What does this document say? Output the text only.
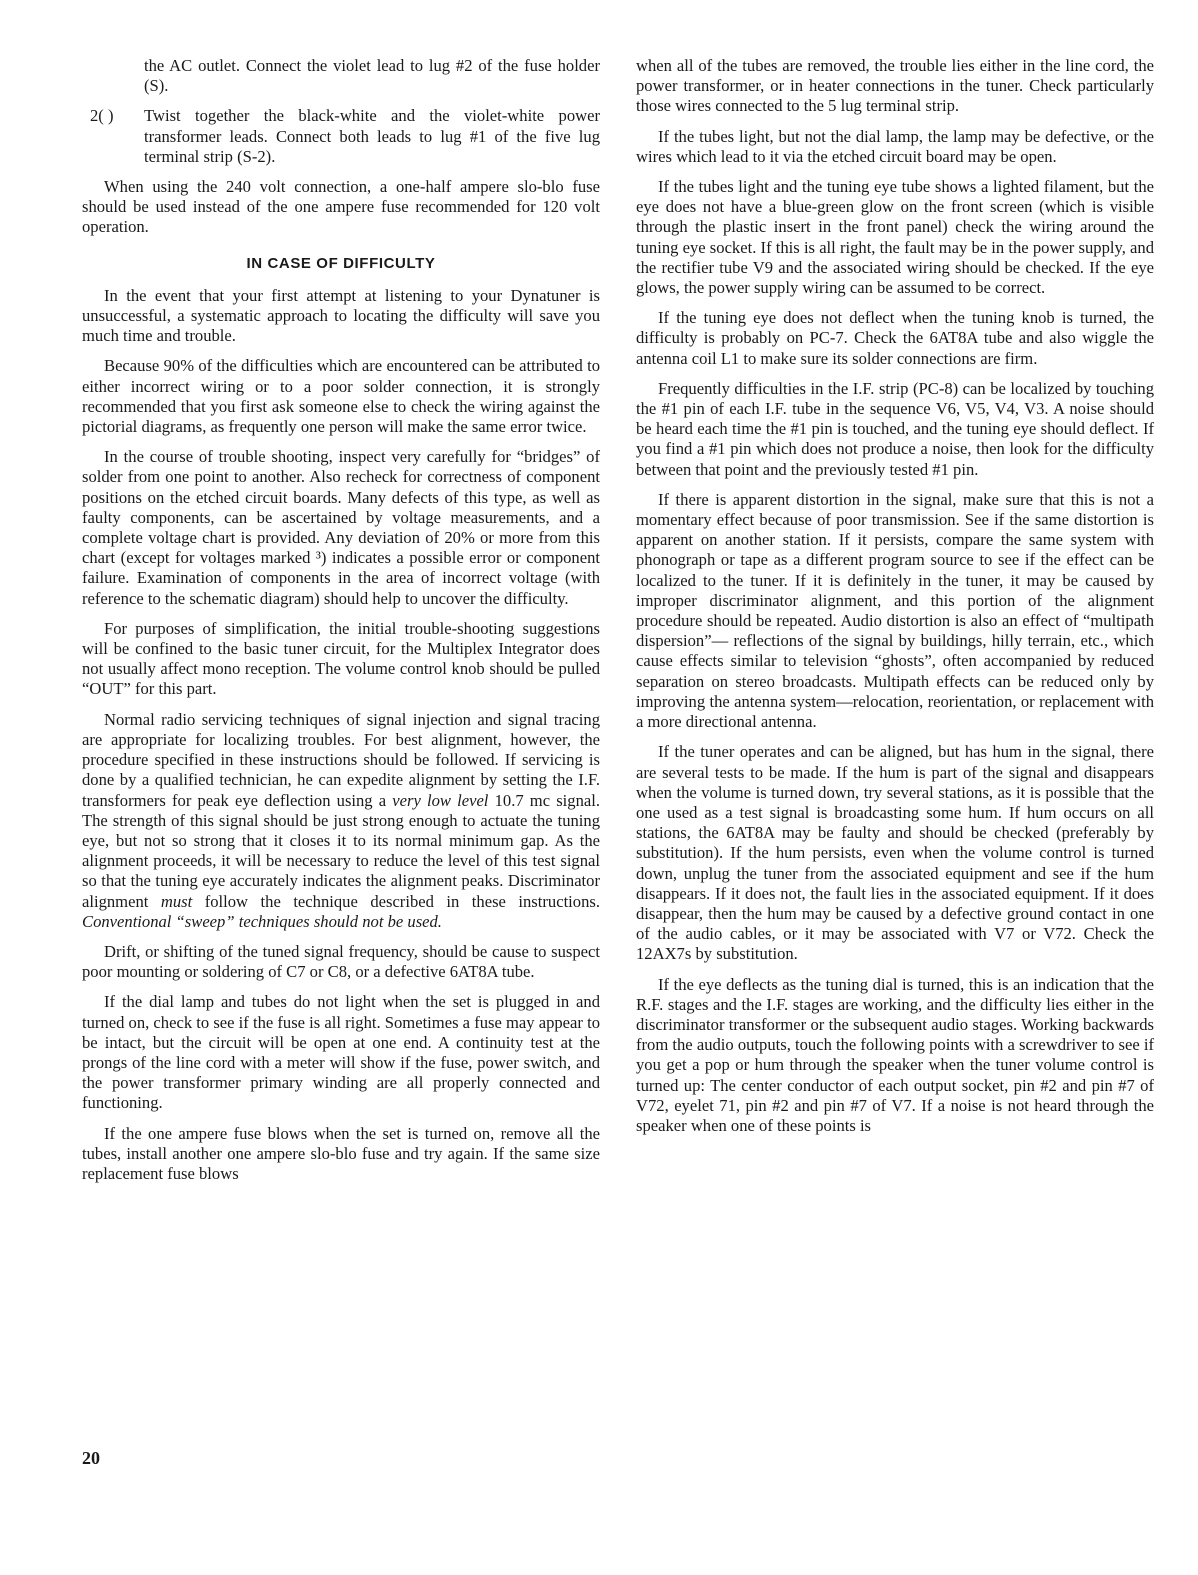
the AC outlet. Connect the violet lead to lug #2 of the fuse holder (S).
2( ) Twist together the black-white and the violet-white power transformer leads. Connect both leads to lug #1 of the five lug terminal strip (S-2).

When using the 240 volt connection, a one-half ampere slo-blo fuse should be used instead of the one ampere fuse recommended for 120 volt operation.

IN CASE OF DIFFICULTY

In the event that your first attempt at listening to your Dynatuner is unsuccessful, a systematic approach to locating the difficulty will save you much time and trouble.

Because 90% of the difficulties which are encountered can be attributed to either incorrect wiring or to a poor solder connection, it is strongly recommended that you first ask someone else to check the wiring against the pictorial diagrams, as frequently one person will make the same error twice.

In the course of trouble shooting, inspect very carefully for “bridges” of solder from one point to another. Also recheck for correctness of component positions on the etched circuit boards. Many defects of this type, as well as faulty components, can be ascertained by voltage measurements, and a complete voltage chart is provided. Any deviation of 20% or more from this chart (except for voltages marked ³) indicates a possible error or component failure. Examination of components in the area of incorrect voltage (with reference to the schematic diagram) should help to uncover the difficulty.

For purposes of simplification, the initial trouble-shooting suggestions will be confined to the basic tuner circuit, for the Multiplex Integrator does not usually affect mono reception. The volume control knob should be pulled “OUT” for this part.

Normal radio servicing techniques of signal injection and signal tracing are appropriate for localizing troubles. For best alignment, however, the procedure specified in these instructions should be followed. If servicing is done by a qualified technician, he can expedite alignment by setting the I.F. transformers for peak eye deflection using a very low level 10.7 mc signal. The strength of this signal should be just strong enough to actuate the tuning eye, but not so strong that it closes it to its normal minimum gap. As the alignment proceeds, it will be necessary to reduce the level of this test signal so that the tuning eye accurately indicates the alignment peaks. Discriminator alignment must follow the technique described in these instructions. Conventional “sweep” techniques should not be used.

Drift, or shifting of the tuned signal frequency, should be cause to suspect poor mounting or soldering of C7 or C8, or a defective 6AT8A tube.

If the dial lamp and tubes do not light when the set is plugged in and turned on, check to see if the fuse is all right. Sometimes a fuse may appear to be intact, but the circuit will be open at one end. A continuity test at the prongs of the line cord with a meter will show if the fuse, power switch, and the power transformer primary winding are all properly connected and functioning.

If the one ampere fuse blows when the set is turned on, remove all the tubes, install another one ampere slo-blo fuse and try again. If the same size replacement fuse blows

when all of the tubes are removed, the trouble lies either in the line cord, the power transformer, or in heater connections in the tuner. Check particularly those wires connected to the 5 lug terminal strip.

If the tubes light, but not the dial lamp, the lamp may be defective, or the wires which lead to it via the etched circuit board may be open.

If the tubes light and the tuning eye tube shows a lighted filament, but the eye does not have a blue-green glow on the front screen (which is visible through the plastic insert in the front panel) check the wiring around the tuning eye socket. If this is all right, the fault may be in the power supply, and the rectifier tube V9 and the associated wiring should be checked. If the eye glows, the power supply wiring can be assumed to be correct.

If the tuning eye does not deflect when the tuning knob is turned, the difficulty is probably on PC-7. Check the 6AT8A tube and also wiggle the antenna coil L1 to make sure its solder connections are firm.

Frequently difficulties in the I.F. strip (PC-8) can be localized by touching the #1 pin of each I.F. tube in the sequence V6, V5, V4, V3. A noise should be heard each time the #1 pin is touched, and the tuning eye should deflect. If you find a #1 pin which does not produce a noise, then look for the difficulty between that point and the previously tested #1 pin.

If there is apparent distortion in the signal, make sure that this is not a momentary effect because of poor transmission. See if the same distortion is apparent on another station. If it persists, compare the same system with phonograph or tape as a different program source to see if the effect can be localized to the tuner. If it is definitely in the tuner, it may be caused by improper discriminator alignment, and this portion of the alignment procedure should be repeated. Audio distortion is also an effect of “multipath dispersion”— reflections of the signal by buildings, hilly terrain, etc., which cause effects similar to television “ghosts”, often accompanied by reduced separation on stereo broadcasts. Multipath effects can be reduced only by improving the antenna system—relocation, reorientation, or replacement with a more directional antenna.

If the tuner operates and can be aligned, but has hum in the signal, there are several tests to be made. If the hum is part of the signal and disappears when the volume is turned down, try several stations, as it is possible that the one used as a test signal is broadcasting some hum. If hum occurs on all stations, the 6AT8A may be faulty and should be checked (preferably by substitution). If the hum persists, even when the volume control is turned down, unplug the tuner from the associated equipment and see if the hum disappears. If it does not, the fault lies in the associated equipment. If it does disappear, then the hum may be caused by a defective ground contact in one of the audio cables, or it may be associated with V7 or V72. Check the 12AX7s by substitution.

If the eye deflects as the tuning dial is turned, this is an indication that the R.F. stages and the I.F. stages are working, and the difficulty lies either in the discriminator transformer or the subsequent audio stages. Working backwards from the audio outputs, touch the following points with a screwdriver to see if you get a pop or hum through the speaker when the tuner volume control is turned up: The center conductor of each output socket, pin #2 and pin #7 of V72, eyelet 71, pin #2 and pin #7 of V7. If a noise is not heard through the speaker when one of these points is

20
